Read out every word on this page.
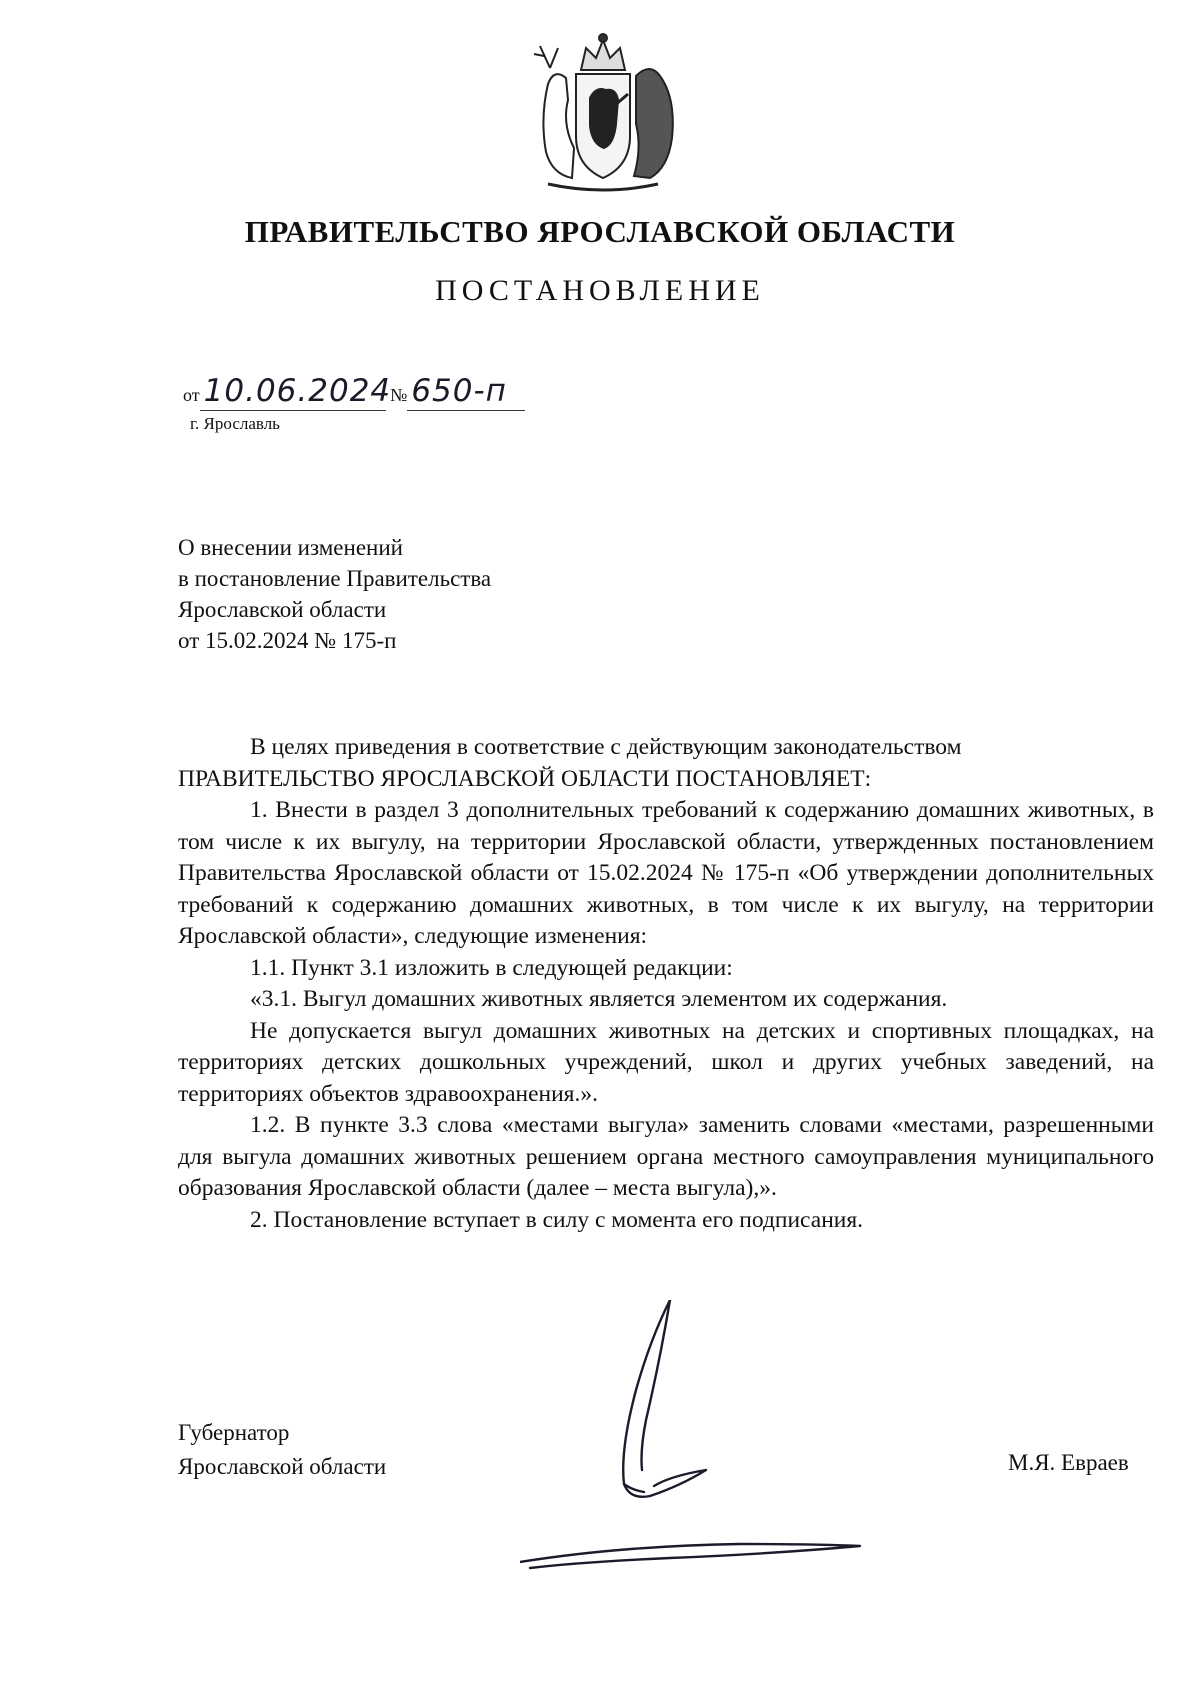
ПРАВИТЕЛЬСТВО ЯРОСЛАВСКОЙ ОБЛАСТИ
ПОСТАНОВЛЕНИЕ
от 10.06.2024 № 650-п
г. Ярославль
О внесении изменений
в постановление Правительства
Ярославской области
от 15.02.2024 № 175-п

В целях приведения в соответствие с действующим законодательством

ПРАВИТЕЛЬСТВО ЯРОСЛАВСКОЙ ОБЛАСТИ ПОСТАНОВЛЯЕТ:

1. Внести в раздел 3 дополнительных требований к содержанию домашних животных, в том числе к их выгулу, на территории Ярославской области, утвержденных постановлением Правительства Ярославской области от 15.02.2024 № 175-п «Об утверждении дополнительных требований к содержанию домашних животных, в том числе к их выгулу, на территории Ярославской области», следующие изменения:

1.1. Пункт 3.1 изложить в следующей редакции:

«3.1. Выгул домашних животных является элементом их содержания.

Не допускается выгул домашних животных на детских и спортивных площадках, на территориях детских дошкольных учреждений, школ и других учебных заведений, на территориях объектов здравоохранения.».

1.2. В пункте 3.3 слова «местами выгула» заменить словами «местами, разрешенными для выгула домашних животных решением органа местного самоуправления муниципального образования Ярославской области (далее – места выгула),».

2. Постановление вступает в силу с момента его подписания.

Губернатор
Ярославской области	М.Я. Евраев
